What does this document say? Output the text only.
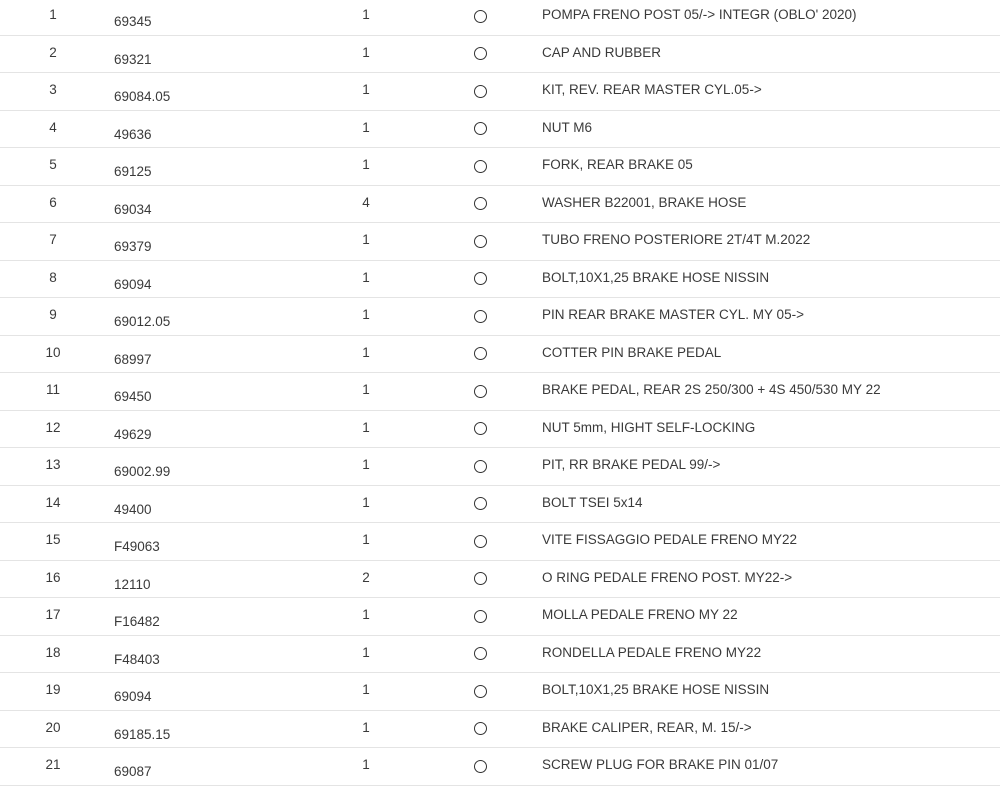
1	69345	1	POMPA FRENO POST 05/-> INTEGR (OBLO' 2020)
2	69321	1	CAP AND RUBBER
3	69084.05	1	KIT, REV. REAR MASTER CYL.05->
4	49636	1	NUT M6
5	69125	1	FORK, REAR BRAKE 05
6	69034	4	WASHER B22001, BRAKE HOSE
7	69379	1	TUBO FRENO POSTERIORE 2T/4T M.2022
8	69094	1	BOLT,10X1,25 BRAKE HOSE NISSIN
9	69012.05	1	PIN REAR BRAKE MASTER CYL. MY 05->
10	68997	1	COTTER PIN BRAKE PEDAL
11	69450	1	BRAKE PEDAL, REAR 2S 250/300 + 4S 450/530 MY 22
12	49629	1	NUT 5mm, HIGHT SELF-LOCKING
13	69002.99	1	PIT, RR BRAKE PEDAL 99/->
14	49400	1	BOLT TSEI 5x14
15	F49063	1	VITE FISSAGGIO PEDALE FRENO MY22
16	12110	2	O RING PEDALE FRENO POST. MY22->
17	F16482	1	MOLLA PEDALE FRENO MY 22
18	F48403	1	RONDELLA PEDALE FRENO MY22
19	69094	1	BOLT,10X1,25 BRAKE HOSE NISSIN
20	69185.15	1	BRAKE CALIPER, REAR, M. 15/->
21	69087	1	SCREW PLUG FOR BRAKE PIN 01/07
